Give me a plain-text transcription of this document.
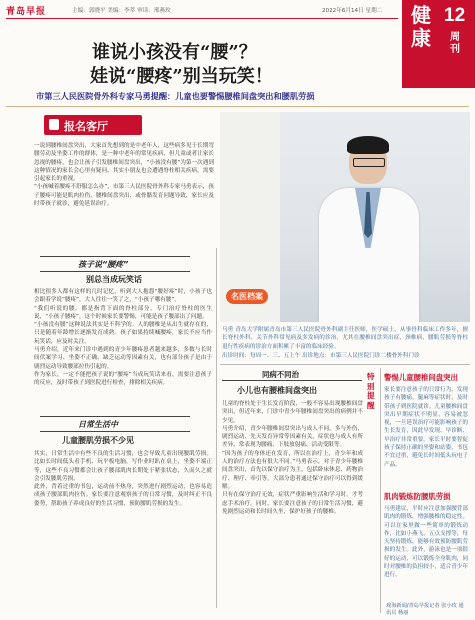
青岛早报	主编：郭晓平 美编：李萃 审读：邢燕玫	2022年6月14日 星期二 健康
12
周刊
谁说小孩没有“腰”？
娃说“腰疼”别当玩笑！
市第三人民医院骨外科专家马勇提醒：儿童也要警惕腰椎间盘突出和腰肌劳损
报名客厅
一说到腰椎间盘突出，大家首先想到的是中老年人，这些病多见于长期弯腰劳动及坐姿工作的群体，是一种中老年的常见疾病，但儿童或者让家长忽视的腰疼，也会让孩子引发腰椎间盘突出，“小孩没有腰”为第一次遇到这种情况的家长会心里有疑问，其实小朋友也会遭遇脊柱相关疾病，需要引起家长的重视。
“小孩喊着腰疼不舒服怎么办”，市第三人民医院骨外科专家马勇表示，孩子腰疼可能是肌肉拉伤、腰椎间盘突出、或骨骼发育问题导致，家长应及时带孩子就诊，避免延误治疗。
名医档案
马勇 青岛大学附属青岛市第三人民医院骨外科副主任医师，医学硕士，从事骨科临床工作多年，擅长脊柱外科、关节外科常见病及多发病的诊治，尤其在腰椎间盘突出症、颈椎病、腰肌劳损等脊柱退行性疾病的诊治方面积累了丰富的临床经验。
出诊时间：每周一、三、五上午 出诊地点：市第三人民医院门诊二楼骨外科门诊
孩子说“腰疼”
别总当成玩笑话
相比很多人都有这样的几时记忆，听到大人抱怨“腰好疼”时，小孩子也会跟着学说“腰疼”，大人往往一笑了之，“小孩子哪有腰”。
“我们听说的腰，都是指背下面的脊柱部分，专门治疗脊柱的医生说，“小孩子腰疼”，这个时候家长要警惕，可能是孩子腰部出了问题。
“小孩没有腰”这种说法其实是不科学的。人的腰椎是从出生就存在的，只是随着年龄增长逐渐发育成熟。孩子如果持续喊腰疼，家长不应当作玩笑话，应及时关注。
马勇介绍，近年来门诊中遇到的青少年腰疼患者越来越多，多数与长时间伏案学习、坐姿不正确、缺乏运动等因素有关，也有部分孩子是由于剧烈运动导致腰部拉伤引起的。
作为家长，一定不能把孩子说的“腰疼”当成玩笑话来看，需要注意孩子的反应，及时带孩子到医院进行检查，排除相关疾病。
日常生活中
儿童腰肌劳损不少见
其实，日常生活中有些不良的生活习惯，也会导致儿童出现腰肌劳损。比如长时间低头看手机、玩平板电脑，写作业时趴在桌上，坐姿不端正等，这些不良习惯都会让孩子腰部肌肉长期处于紧张状态，久而久之就会引发腰肌劳损。
此外，背着过重的书包，运动前不热身，突然进行剧烈运动，也容易造成孩子腰部肌肉拉伤。家长要注意观察孩子的日常习惯，及时纠正不良姿势，帮助孩子养成良好的生活习惯，预防腰肌劳损的发生。
同病不同治
小儿也有腰椎间盘突出
儿童的脊柱处于生长发育阶段，一般不容易出现腰椎间盘突出，但近年来，门诊中青少年腰椎间盘突出的病例并不少见。
马勇介绍，青少年腰椎间盘突出与成人不同，多与外伤、剧烈运动、先天发育异常等因素有关，症状也与成人有所差异，常表现为腰痛、下肢放射痛、活动受限等。
“因为孩子的身体还在发育，所以在治疗上，青少年和成人的治疗方法也有很大不同。”马勇表示，对于青少年腰椎间盘突出，首先以保守治疗为主，包括卧床休息、药物治疗、理疗、牵引等，大部分患者通过保守治疗可以得到缓解。
只有在保守治疗无效，症状严重影响生活和学习时，才考虑手术治疗。同时，家长要注意孩子的日常生活习惯，避免剧烈运动和长时间久坐，保护好孩子的腰椎。
特别提醒
警惕儿童腰椎间盘突出
家长要注意孩子的日常行为，发现孩子有腰痛、腿麻等症状时，及时带孩子到医院就诊。儿童腰椎间盘突出早期症状不明显，容易被忽视，一旦延误治疗可能影响孩子的生长发育，因此早发现、早诊断、早治疗非常重要。家长平时要督促孩子保持正确的坐姿和站姿，书包不宜过重，避免长时间低头玩电子产品。
肌肉锻炼防腰肌劳损
马勇建议，平时应注意加强腰背部肌肉的锻炼，增强腰椎的稳定性。可以在家里做一些简单的锻炼动作，比如小燕飞、五点支撑等，每天坚持锻炼，能够有效预防腰肌劳损的发生。此外，游泳也是一项很好的运动，可以锻炼全身肌肉，同时对腰椎的负担较小，适合青少年进行。
观海新闻/青岛早报记者 张小玫 通讯员 杨丽
